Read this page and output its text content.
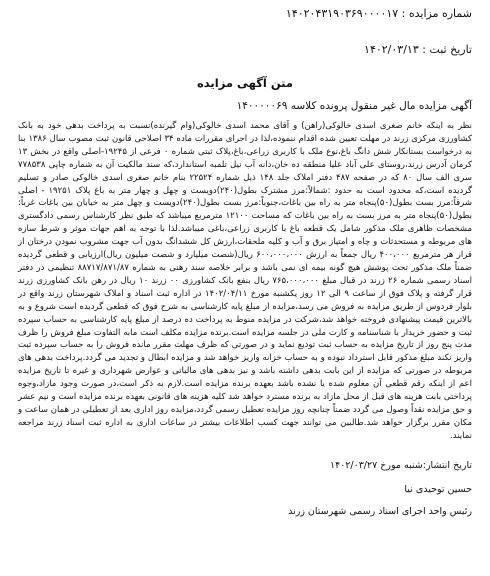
شماره مزایده : ۱۴۰۲۰۴۳۱۹۰۳۶۹۰۰۰۰۱۷

تاریخ ثبت : ۱۴۰۲/۰۳/۱۳

متن آگهی مزایده

آگهی مزایده مال غیر منقول پرونده کلاسه ۱۴۰۰۰۰۰۶۹

نظر به اینکه خانم صغری اسدی خالوکی(راهن) و آقای محمد اسدی خالوکی(وام گیرنده)نسبت به پرداخت بدهی خود به بانک کشاورزی مرکزی زرند در مهلت تعیین شده اقدام ننموده،لذا در اجرای مقررات ماده ۳۴ اصلاحی قانون ثبت مصوب سال ۱۳۸۶ بنا به درخواست بستانکار شش دانگ باغ،نوع ملک با کاربری زراعی،باغ،پلاک ثبتی شماره ۰ فرعی از ۱۹۲۴۵-اصلی واقع در بخش ۱۳ کرمان آدرس زرند،روستای علی آباد علیا منطقه ده خان،دانه آب نیل تلمبه استاندارد،که سند مالکیت آن به شماره چاپی ۷۷۸۵۳۸ سری الف سال ۸۰ که در صفحه ۴۸۷ دفتر املاک جلد ۱۴۸ ذیل شماره ۲۲۵۲۴ بنام خانم صغری اسدی خالوکی صادر و تسلیم گردیده است،که محدود است به حدود :شمالاً:مرز مشترک بطول(۲۴۰)دویست و چهل و چهار متر به باغ پلاک ۱۹۲۵۱ - اصلی شرقاً:مرز بست بطول(۵۰)پنجاه متر به راه بین باغات،جنوباً:مرز بست بطول(۲۴۰)دویست و چهل متر به خیابان بین باغات غرباً: بطول(۵۰)پنجاه متر به مرز بست به راه بین باغات که مساحت ۱۲۱۰۰ مترمربع میباشد که طبق نظر کارشناس رسمی دادگستری مشخصات ظاهری ملک مذکور شامل یک قطعه باغ با کاربری زراعی،باغی میباشد.لذا با توجه به اهم جهات موثر و شرط سازه های مربوطه و مستحدثات و چاه و امتیاز برق و آب و کلیه ملحقات،ارزش کل ششدانگ بدون آب جهت مشروب نمودن درختان از قرار هر مترمربع ۴۰۰،۰۰۰ ریال جمعاً به ارزش ۶۰۰،۰۰۰،۰۰۰ ریال(شصت میلیارد و شصت میلیون ریال)ارزیابی و قطعی گردیده ضمناً ملک مذکور تحت پوشش هیچ گونه بیمه ای نمی باشد و برابر خلاصه سند رهنی به شماره ۸۸۷۱۷/۸۷۱/۸۷ تنظیمی در دفتر اسناد رسمی شماره ۲۶ زرند در قبال مبلغ ۷۶۵،۰۰۰،۰۰۰ ریال بنفع بانک کشاورزی ۰۰ زرند ۱۰ ریال در رهن بانک کشاورزی زرند قرار گرفته و پلاک فوق از ساعت ۹ الی ۱۲ روز یکشنبه مورخ ۱۴۰۲/۰۴/۱۱ در اداره ثبت اسناد و املاک شهرستان زرند واقع در بلوار فردوس از طریق مزایده به فروش می رسد،مزایده از مبلغ پایه کارشناسی به شرح فوق که قطعی گردیده است شروع و به بالاترین قیمت پیشنهادی فروخته خواهد شد،شرکت در مزایده منوط به پرداخت ده درصد از مبلغ پایه کارشناسی به حساب سپرده ثبت و حضور خریدار با شناسنامه و کارت ملی در جلسه مزایده است.برنده مزایده مکلف است مابه التفاوت مبلغ فروش را ظرف مدت پنج روز از تاریخ مزایده به حساب ثبت تودیع نماید و در صورتی که ظرف مهلت مقرر مانده فروش را به حساب سپرده ثبت واریز نکند مبلغ مذکور قابل استرداد نبوده و به حساب خزانه واریز خواهد شد و مزایده ابطال و تجدید می گردد.پرداخت بدهی های مربوطه در صورتی که مزایده از این بابت بدهی داشته باشد و نیز بدهی های مالیاتی و عوارض شهرداری و غیره تا تاریخ مزایده اعم از اینکه رقم قطعی آن معلوم شده یا نشده باشد بعهده برنده مزایده است.لازم به ذکر است،در صورت وجود مازاد،وجوه پرداختی بابت هزینه های قبل از محل مازاد به برنده مسترد خواهد شد کلیه هزینه های قانونی بعهده برنده مزایده است و نیم عشر و حق مزایده نقداً وصول می گردد ضمناً چنانچه روز مزایده تعطیل رسمی گردد،مزایده روز اداری بعد از تعطیلی در همان ساعت و مکان مقرر برگزار خواهد شد.طالبین می توانند جهت کسب اطلاعات بیشتر در ساعات اداری به اداره ثبت اسناد زرند مراجعه نمایند.

تاریخ انتشار:شنبه مورخ ۱۴۰۲/۰۳/۲۷
حسین توحیدی نیا
رئیس واحد اجرای اسناد رسمی شهرستان زرند
